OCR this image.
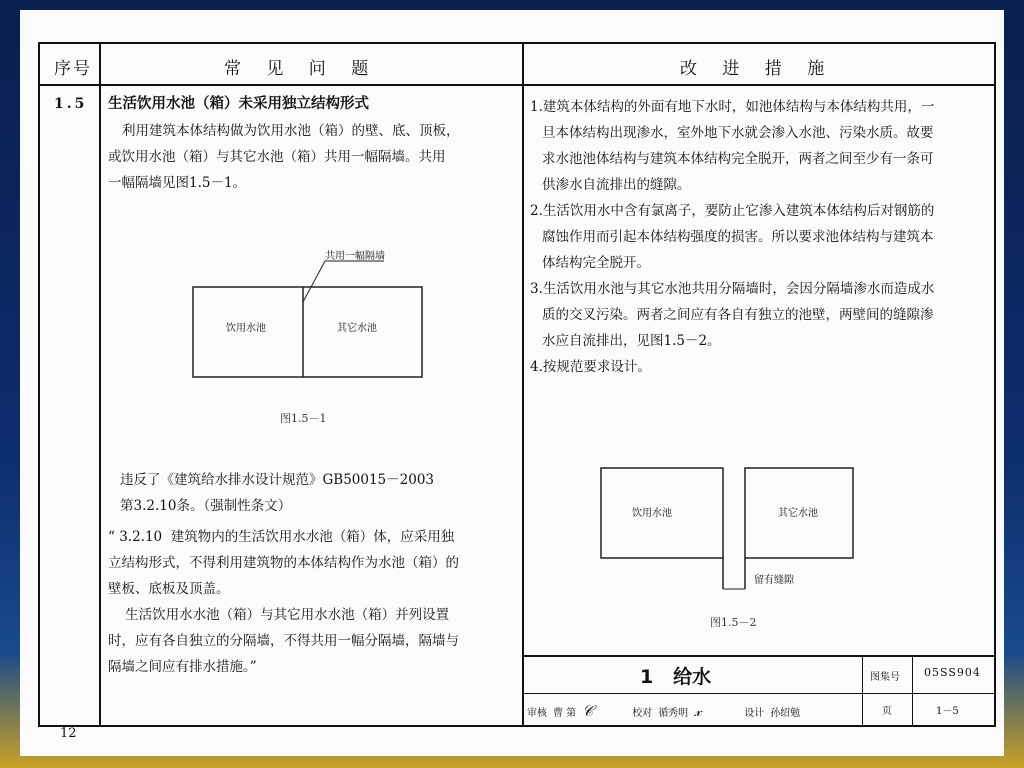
序号	常 见 问 题	改 进 措 施
1.5 生活饮用水池（箱）未采用独立结构形式
利用建筑本体结构做为饮用水池（箱）的壁、底、顶板，
或饮用水池（箱）与其它水池（箱）共用一幅隔墙。共用
一幅隔墙见图1.5－1。
共用一幅隔墙
饮用水池	其它水池
图1.5－1
违反了《建筑给水排水设计规范》GB50015－2003
第3.2.10条。（强制性条文）
“ 3.2.10  建筑物内的生活饮用水水池（箱）体，应采用独
立结构形式，不得利用建筑物的本体结构作为水池（箱）的
壁板、底板及顶盖。
生活饮用水水池（箱）与其它用水水池（箱）并列设置
时，应有各自独立的分隔墙，不得共用一幅分隔墙，隔墙与
隔墙之间应有排水措施。”
1.建筑本体结构的外面有地下水时，如池体结构与本体结构共用，一
旦本体结构出现渗水，室外地下水就会渗入水池、污染水质。故要
求水池池体结构与建筑本体结构完全脱开，两者之间至少有一条可
供渗水自流排出的缝隙。
2.生活饮用水中含有氯离子，要防止它渗入建筑本体结构后对钢筋的
腐蚀作用而引起本体结构强度的损害。所以要求池体结构与建筑本
体结构完全脱开。
3.生活饮用水池与其它水池共用分隔墙时，会因分隔墙渗水而造成水
质的交叉污染。两者之间应有各自有独立的池壁，两壁间的缝隙渗
水应自流排出，见图1.5－2。
4.按规范要求设计。
饮用水池	其它水池
留有缝隙
图1.5－2
1   给水	图集号 05SS904
审核 曹 第 𝒞	校对 循秀明 𝓍	设计 孙绍勉	页	1－5
12
